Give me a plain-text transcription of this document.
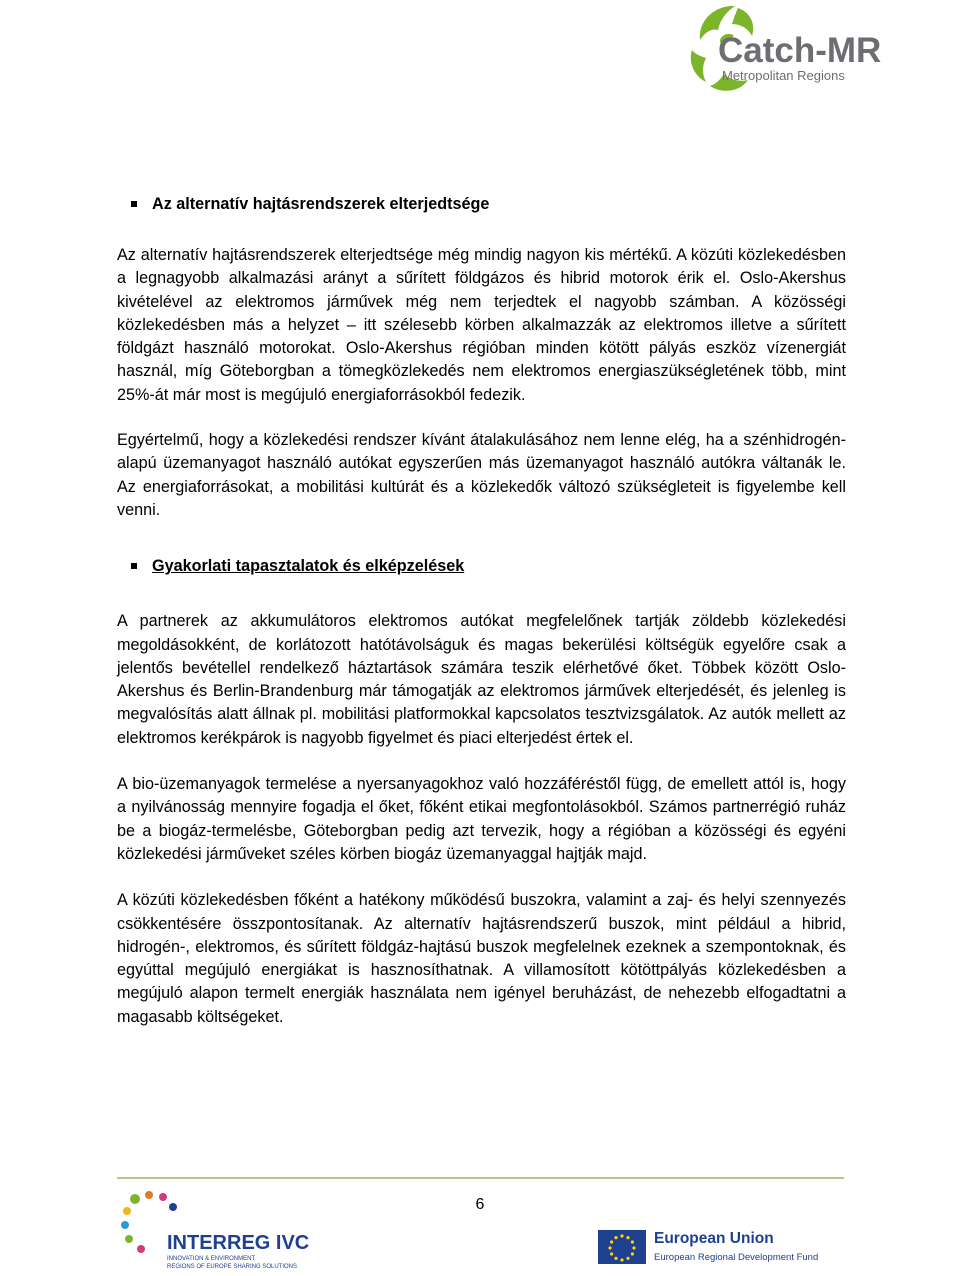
Catch-MR
Metropolitan Regions
Az alternatív hajtásrendszerek elterjedtsége

Az alternatív hajtásrendszerek elterjedtsége még mindig nagyon kis mértékű. A közúti közlekedésben a legnagyobb alkalmazási arányt a sűrített földgázos és hibrid motorok érik el. Oslo-Akershus kivételével az elektromos járművek még nem terjedtek el nagyobb számban. A közösségi közlekedésben más a helyzet – itt szélesebb körben alkalmazzák az elektromos illetve a sűrített földgázt használó motorokat. Oslo-Akershus régióban minden kötött pályás eszköz vízenergiát használ, míg Göteborgban a tömegközlekedés nem elektromos energiaszükségletének több, mint 25%-át már most is megújuló energiaforrásokból fedezik.

Egyértelmű, hogy a közlekedési rendszer kívánt átalakulásához nem lenne elég, ha a szénhidrogén-alapú üzemanyagot használó autókat egyszerűen más üzemanyagot használó autókra váltanák le. Az energiaforrásokat, a mobilitási kultúrát és a közlekedők változó szükségleteit is figyelembe kell venni.

Gyakorlati tapasztalatok és elképzelések

A partnerek az akkumulátoros elektromos autókat megfelelőnek tartják zöldebb közlekedési megoldásokként, de korlátozott hatótávolságuk és magas bekerülési költségük egyelőre csak a jelentős bevétellel rendelkező háztartások számára teszik elérhetővé őket. Többek között Oslo-Akershus és Berlin-Brandenburg már támogatják az elektromos járművek elterjedését, és jelenleg is megvalósítás alatt állnak pl. mobilitási platformokkal kapcsolatos tesztvizsgálatok. Az autók mellett az elektromos kerékpárok is nagyobb figyelmet és piaci elterjedést értek el.

A bio-üzemanyagok termelése a nyersanyagokhoz való hozzáféréstől függ, de emellett attól is, hogy a nyilvánosság mennyire fogadja el őket, főként etikai megfontolásokból. Számos partnerrégió ruház be a biogáz-termelésbe, Göteborgban pedig azt tervezik, hogy a régióban a közösségi és egyéni közlekedési járműveket széles körben biogáz üzemanyaggal hajtják majd.

A közúti közlekedésben főként a hatékony működésű buszokra, valamint a zaj- és helyi szennyezés csökkentésére összpontosítanak. Az alternatív hajtásrendszerű buszok, mint például a hibrid, hidrogén-, elektromos, és sűrített földgáz-hajtású buszok megfelelnek ezeknek a szempontoknak, és egyúttal megújuló energiákat is hasznosíthatnak. A villamosított kötöttpályás közlekedésben a megújuló alapon termelt energiák használata nem igényel beruházást, de nehezebb elfogadtatni a magasabb költségeket.

6
INTERREG IVC
INNOVATION & ENVIRONMENT
REGIONS OF EUROPE SHARING SOLUTIONS
European Union
European Regional Development Fund
